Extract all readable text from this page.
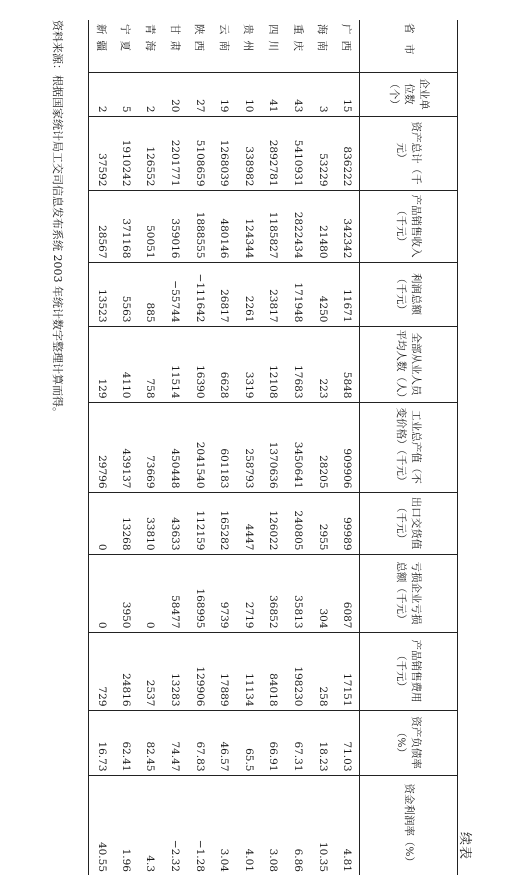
续表
省　市	企业单位数（个）	资产总计（千元）	产品销售收入（千元）	利润总额（千元）	全部从业人员平均人数（人）	工业总产值（不变价格）（千元）	出口交货值（千元）	亏损企业亏损总额（千元）	产品销售费用（千元）	资产负债率（%）	资金利润率（%）
广西	15	836222	342342	11671	5848	909906	99989	6087	17151	71.03	4.81
海南	3	53229	21480	4250	223	28205	2955	304	258	18.23	10.35
重庆	43	5410931	2822434	171948	17683	3450641	240805	35813	198230	67.31	6.86
四川	41	2892781	1185827	23817	12108	1370636	126022	36852	84018	66.91	3.08
贵州	10	338982	124344	2261	3319	258793	4447	2719	11134	65.5	4.01
云南	19	1268039	480146	26817	6628	601183	165282	9739	17889	46.57	3.04
陕西	27	5108659	1888555	−111642	16390	2041540	112159	168995	129906	67.83	−1.28
甘肃	20	2201771	359016	−55744	11514	450448	43633	58477	13283	74.47	−2.32
青海	2	126552	50051	885	758	73669	33810	0	2537	82.45	4.3
宁夏	5	1910242	371168	5563	4110	439137	13268	3950	24816	62.41	1.96
新疆	2	37592	28567	13523	129	29796	0	0	729	16.73	40.55
资料来源：根据国家统计局工交司信息发布系统 2003 年统计数字整理计算而得。
